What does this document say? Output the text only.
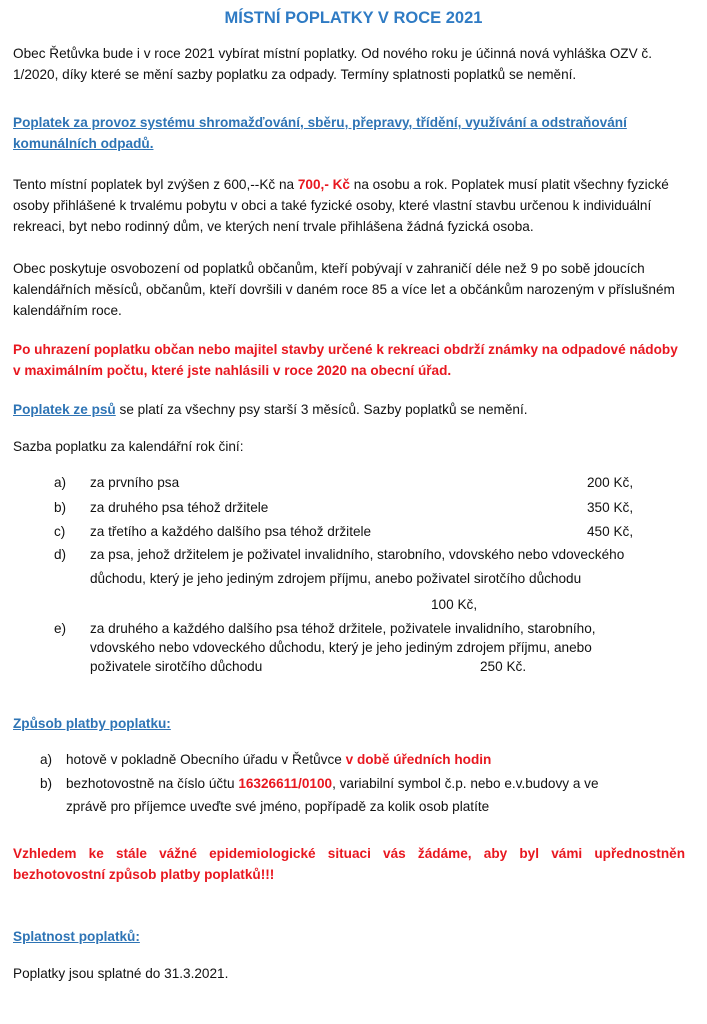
MÍSTNÍ POPLATKY V ROCE 2021

Obec Řetůvka bude i v roce 2021 vybírat místní poplatky. Od nového roku je účinná nová vyhláška OZV č. 1/2020, díky které se mění sazby poplatku za odpady. Termíny splatnosti poplatků se nemění.

Poplatek za provoz systému shromažďování, sběru, přepravy, třídění, využívání a odstraňování komunálních odpadů.

Tento místní poplatek byl zvýšen z 600,--Kč na 700,- Kč na osobu a rok. Poplatek musí platit všechny fyzické osoby přihlášené k trvalému pobytu v obci a také fyzické osoby, které vlastní stavbu určenou k individuální rekreaci, byt nebo rodinný dům, ve kterých není trvale přihlášena žádná fyzická osoba.

Obec poskytuje osvobození od poplatků občanům, kteří pobývají v zahraničí déle než 9 po sobě jdoucích kalendářních měsíců, občanům, kteří dovršili v daném roce 85 a více let a občánkům narozeným v příslušném kalendářním roce.

Po uhrazení poplatku občan nebo majitel stavby určené k rekreaci obdrží známky na odpadové nádoby v maximálním počtu, které jste nahlásili v roce 2020 na obecní úřad.

Poplatek ze psů se platí za všechny psy starší 3 měsíců. Sazby poplatků se nemění.

Sazba poplatku za kalendářní rok činí:

a) za prvního psa	200 Kč,
b) za druhého psa téhož držitele	350 Kč,
c) za třetího a každého dalšího psa téhož držitele	450 Kč,
d) za psa, jehož držitelem je poživatel invalidního, starobního, vdovského nebo vdoveckého
důchodu, který je jeho jediným zdrojem příjmu, anebo poživatel sirotčího důchodu
100 Kč,
e) za druhého a každého dalšího psa téhož držitele, poživatele invalidního, starobního,
vdovského nebo vdoveckého důchodu, který je jeho jediným zdrojem příjmu, anebo
poživatele sirotčího důchodu	250 Kč.

Způsob platby poplatku:

a) hotově v pokladně Obecního úřadu v Řetůvce v době úředních hodin
b) bezhotovostně na číslo účtu 16326611/0100, variabilní symbol č.p. nebo e.v.budovy a ve
zprávě pro příjemce uveďte své jméno, popřípadě za kolik osob platíte

Vzhledem ke stále vážné epidemiologické situaci vás žádáme, aby byl vámi upřednostněn bezhotovostní způsob platby poplatků!!!

Splatnost poplatků:

Poplatky jsou splatné do 31.3.2021.
